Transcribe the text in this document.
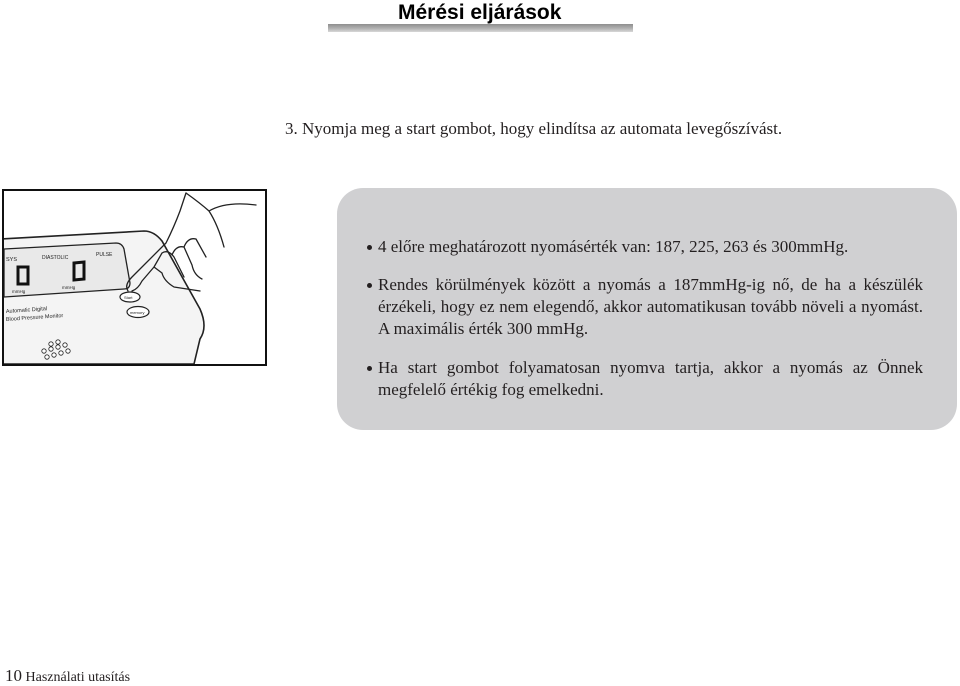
Mérési eljárások
3. Nyomja meg a start gombot, hogy elindítsa az automata levegőszívást.
SYS	DIASTOLIC	PULSE
mmHg
mmHg
Automatic Digital
Blood Pressure Monitor
Start
memory
4 előre meghatározott nyomásérték van: 187, 225, 263 és 300mmHg.
Rendes körülmények között a nyomás a 187mmHg-ig nő, de ha a készülék érzékeli, hogy ez nem elegendő, akkor automatikusan tovább növeli a nyomást. A maximális érték 300 mmHg.
Ha start gombot folyamatosan nyomva tartja, akkor a nyomás az Önnek megfelelő értékig fog emelkedni.
10 Használati utasítás
